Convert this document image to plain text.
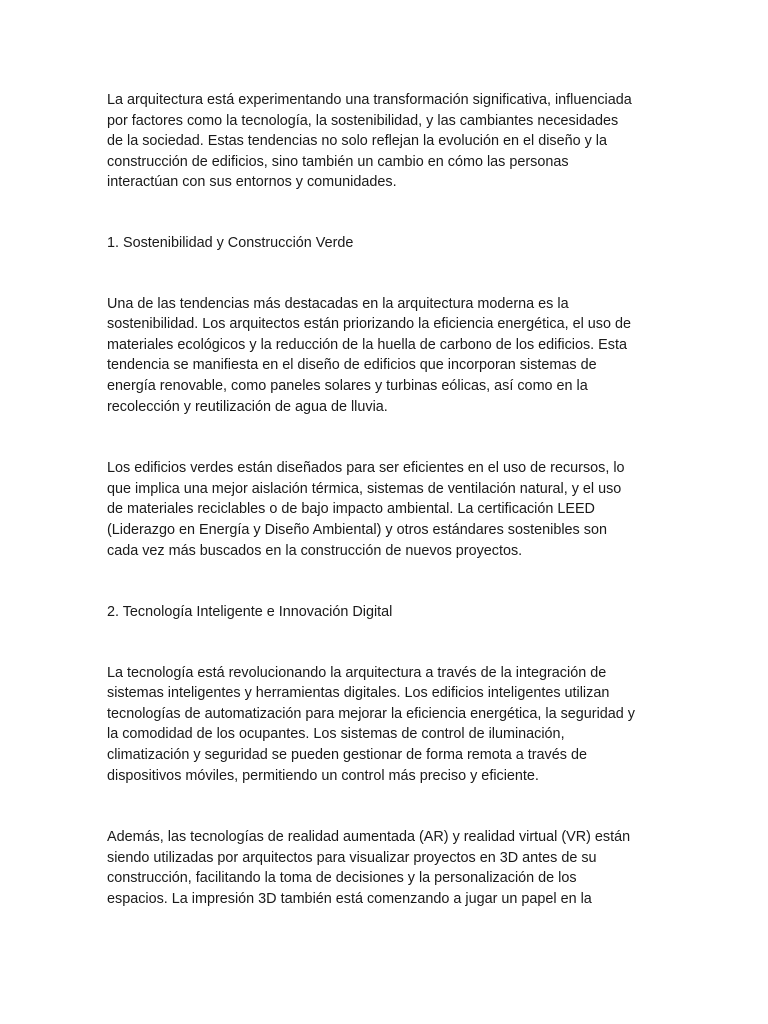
La arquitectura está experimentando una transformación significativa, influenciada
por factores como la tecnología, la sostenibilidad, y las cambiantes necesidades
de la sociedad. Estas tendencias no solo reflejan la evolución en el diseño y la
construcción de edificios, sino también un cambio en cómo las personas
interactúan con sus entornos y comunidades.
1. Sostenibilidad y Construcción Verde
Una de las tendencias más destacadas en la arquitectura moderna es la
sostenibilidad. Los arquitectos están priorizando la eficiencia energética, el uso de
materiales ecológicos y la reducción de la huella de carbono de los edificios. Esta
tendencia se manifiesta en el diseño de edificios que incorporan sistemas de
energía renovable, como paneles solares y turbinas eólicas, así como en la
recolección y reutilización de agua de lluvia.
Los edificios verdes están diseñados para ser eficientes en el uso de recursos, lo
que implica una mejor aislación térmica, sistemas de ventilación natural, y el uso
de materiales reciclables o de bajo impacto ambiental. La certificación LEED
(Liderazgo en Energía y Diseño Ambiental) y otros estándares sostenibles son
cada vez más buscados en la construcción de nuevos proyectos.
2. Tecnología Inteligente e Innovación Digital
La tecnología está revolucionando la arquitectura a través de la integración de
sistemas inteligentes y herramientas digitales. Los edificios inteligentes utilizan
tecnologías de automatización para mejorar la eficiencia energética, la seguridad y
la comodidad de los ocupantes. Los sistemas de control de iluminación,
climatización y seguridad se pueden gestionar de forma remota a través de
dispositivos móviles, permitiendo un control más preciso y eficiente.
Además, las tecnologías de realidad aumentada (AR) y realidad virtual (VR) están
siendo utilizadas por arquitectos para visualizar proyectos en 3D antes de su
construcción, facilitando la toma de decisiones y la personalización de los
espacios. La impresión 3D también está comenzando a jugar un papel en la
